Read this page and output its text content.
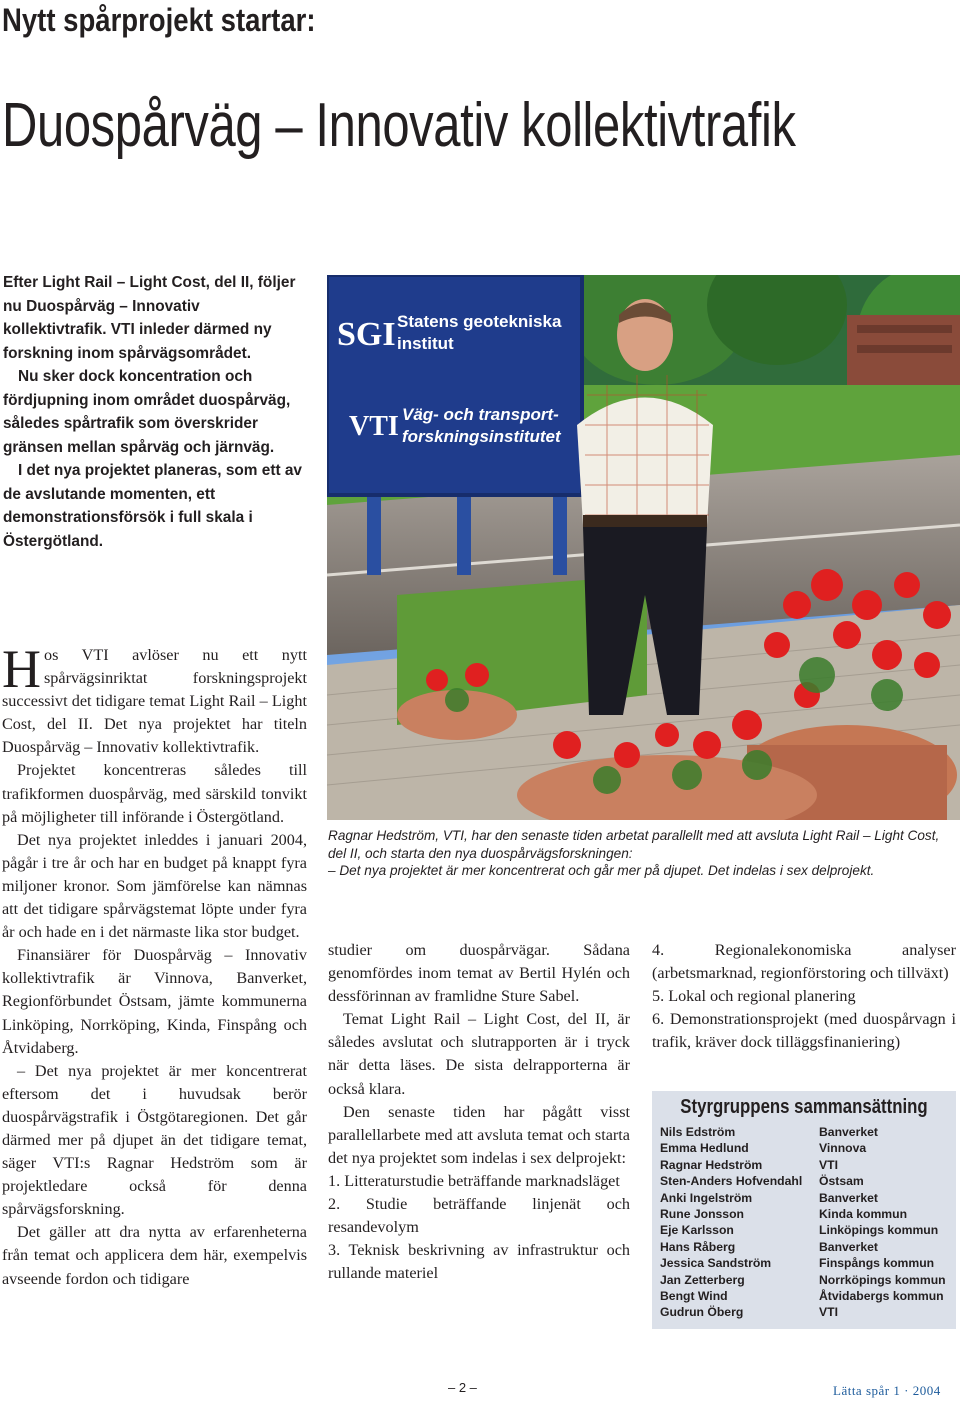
Nytt spårprojekt startar:
Duospårväg – Innovativ kollektivtrafik

Efter Light Rail – Light Cost, del II, följer nu Duospårväg – Innovativ kollektivtrafik. VTI inleder därmed ny forskning inom spårvägsområdet.

Nu sker dock koncentration och fördjupning inom området duospårväg, således spårtrafik som överskrider gränsen mellan spårväg och järnväg.

I det nya projektet planeras, som ett av de avslutande momenten, ett demonstrationsförsök i full skala i Östergötland.

SGI Statens geotekniska
institut
VTI Väg- och transport-
forskningsinstitutet

Ragnar Hedström, VTI, har den senaste tiden arbetat parallellt med att avsluta Light Rail – Light Cost, del II, och starta den nya duospårvägsforskningen:

– Det nya projektet är mer koncentrerat och går mer på djupet. Det indelas i sex delprojekt.

Hos VTI avlöser nu ett nytt spårvägsinriktat forskningsprojekt successivt det tidigare temat Light Rail – Light Cost, del II. Det nya projektet har titeln Duospårväg – Innovativ kollektivtrafik.

Projektet koncentreras således till trafikformen duospårväg, med särskild tonvikt på möjligheter till införande i Östergötland.

Det nya projektet inleddes i januari 2004, pågår i tre år och har en budget på knappt fyra miljoner kronor. Som jämförelse kan nämnas att det tidigare spårvägstemat löpte under fyra år och hade en i det närmaste lika stor budget.

Finansiärer för Duospårväg – Innovativ kollektivtrafik är Vinnova, Banverket, Regionförbundet Östsam, jämte kommunerna Linköping, Norrköping, Kinda, Finspång och Åtvidaberg.

– Det nya projektet är mer koncentrerat eftersom det i huvudsak berör duospårvägstrafik i Östgötaregionen. Det går därmed mer på djupet än det tidigare temat, säger VTI:s Ragnar Hedström som är projektledare också för denna spårvägsforskning.

Det gäller att dra nytta av erfarenheterna från temat och applicera dem här, exempelvis avseende fordon och tidigare

studier om duospårvägar. Sådana genomfördes inom temat av Bertil Hylén och dessförinnan av framlidne Sture Sabel.

Temat Light Rail – Light Cost, del II, är således avslutat och slutrapporten är i tryck när detta läses. De sista delrapporterna är också klara.

Den senaste tiden har pågått visst parallellarbete med att avsluta temat och starta det nya projektet som indelas i sex delprojekt:

1. Litteraturstudie beträffande marknadsläget

2. Studie beträffande linjenät och resandevolym

3. Teknisk beskrivning av infrastruktur och rullande materiel

4. Regionalekonomiska analyser (arbetsmarknad, regionförstoring och tillväxt)

5. Lokal och regional planering

6. Demonstrationsprojekt (med duospårvagn i trafik, kräver dock tilläggsfinaniering)

Styrgruppens sammansättning
Nils Edström	Banverket
Emma Hedlund	Vinnova
Ragnar Hedström	VTI
Sten-Anders Hofvendahl	Östsam
Anki Ingelström	Banverket
Rune Jonsson	Kinda kommun
Eje Karlsson	Linköpings kommun
Hans Råberg	Banverket
Jessica Sandström	Finspångs kommun
Jan Zetterberg	Norrköpings kommun
Bengt Wind	Åtvidabergs kommun
Gudrun Öberg	VTI
– 2 –	Lätta spår 1 · 2004
